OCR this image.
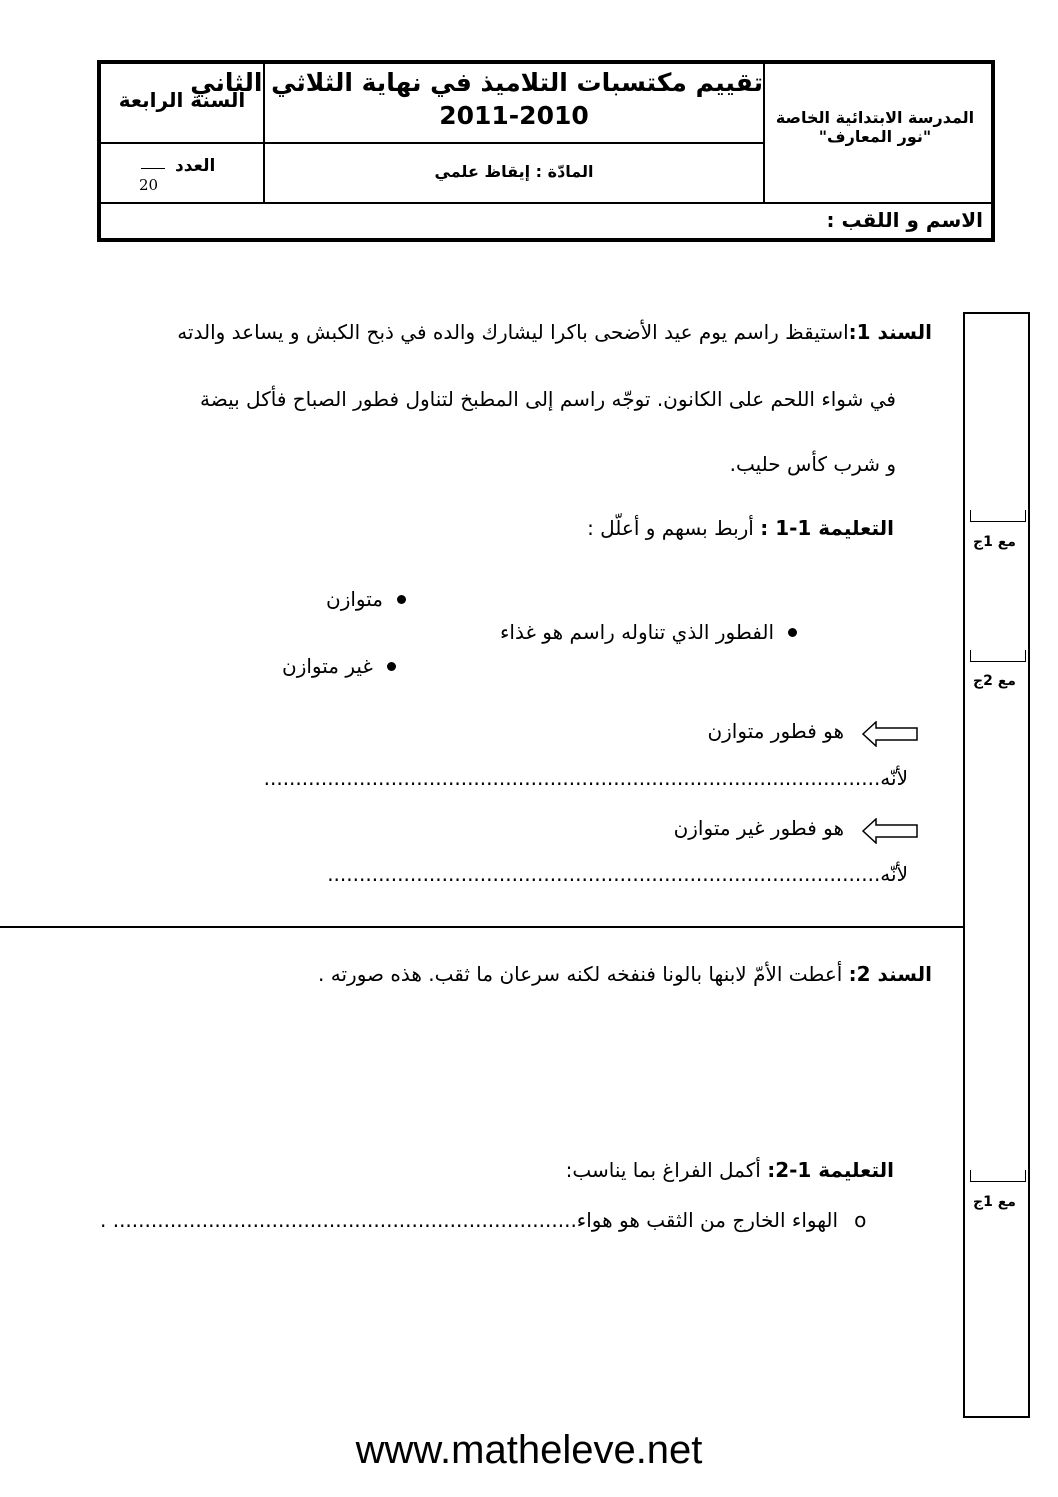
المدرسة الابتدائية الخاصة
"نور المعارف"
تقييم مكتسبات التلاميذ في نهاية الثلاثي الثاني
2011-2010
السنة الرابعة
المادّة : إيقاظ علمي
العدد
20
الاسم و اللقب :
مع 1ج
مع 2ج
مع 1ج
السند 1:استيقظ راسم يوم عيد الأضحى باكرا ليشارك والده في ذبح الكبش و يساعد والدته
في شواء اللحم على الكانون. توجّه راسم إلى المطبخ لتناول فطور الصباح فأكل بيضة
و شرب كأس حليب.
التعليمة 1-1 : أربط بسهم و أعلّل :
متوازن
الفطور الذي تناوله راسم هو غذاء
غير متوازن
هو فطور متوازن
لأنّه.................................................................................................
هو فطور غير متوازن
لأنّه.......................................................................................
السند 2: أعطت الأمّ لابنها بالونا فنفخه لكنه سرعان ما ثقب. هذه صورته .
التعليمة 1-2: أكمل الفراغ بما يناسب:
الهواء الخارج من الثقب هو هواء......................................................................... . o
www.matheleve.net
